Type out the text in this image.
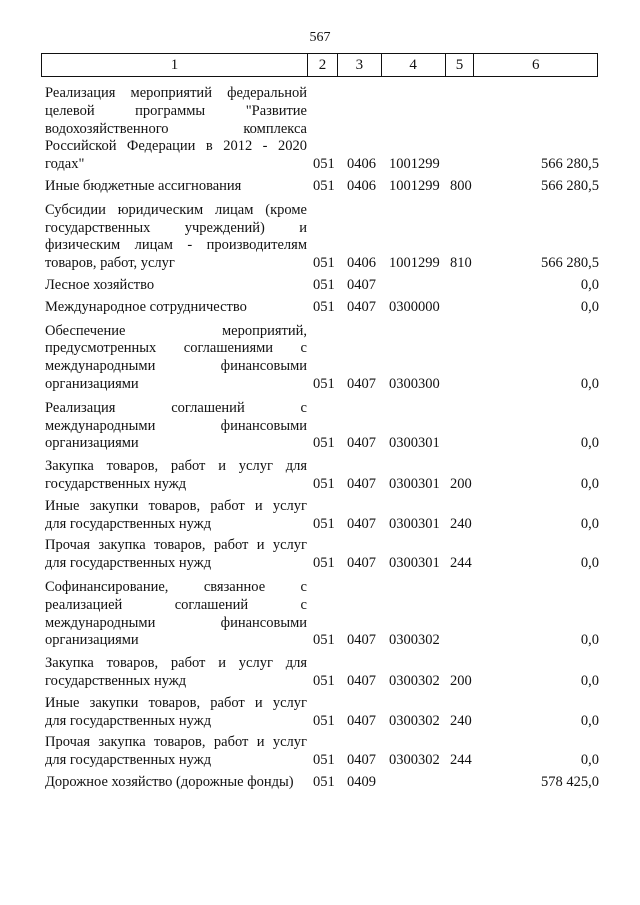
567
1	2	3	4	5	6
Реализация мероприятий федеральной
целевой программы "Развитие
водохозяйственного комплекса
Российской Федерации в 2012 - 2020
годах"	051 0406 1001299	566 280,5
Иные бюджетные ассигнования	051 0406 1001299 800	566 280,5
Субсидии юридическим лицам (кроме
государственных учреждений) и
физическим лицам - производителям
товаров, работ, услуг	051 0406 1001299 810	566 280,5
Лесное хозяйство	051 0407	0,0
Международное сотрудничество	051 0407 0300000	0,0
Обеспечение мероприятий,
предусмотренных соглашениями с
международными финансовыми
организациями	051 0407 0300300	0,0
Реализация соглашений с
международными финансовыми
организациями	051 0407 0300301	0,0
Закупка товаров, работ и услуг для
государственных нужд	051 0407 0300301 200	0,0
Иные закупки товаров, работ и услуг
для государственных нужд	051 0407 0300301 240	0,0
Прочая закупка товаров, работ и услуг
для государственных нужд	051 0407 0300301 244	0,0
Софинансирование, связанное с
реализацией соглашений с
международными финансовыми
организациями	051 0407 0300302	0,0
Закупка товаров, работ и услуг для
государственных нужд	051 0407 0300302 200	0,0
Иные закупки товаров, работ и услуг
для государственных нужд	051 0407 0300302 240	0,0
Прочая закупка товаров, работ и услуг
для государственных нужд	051 0407 0300302 244	0,0
Дорожное хозяйство (дорожные фонды)	051 0409	578 425,0
